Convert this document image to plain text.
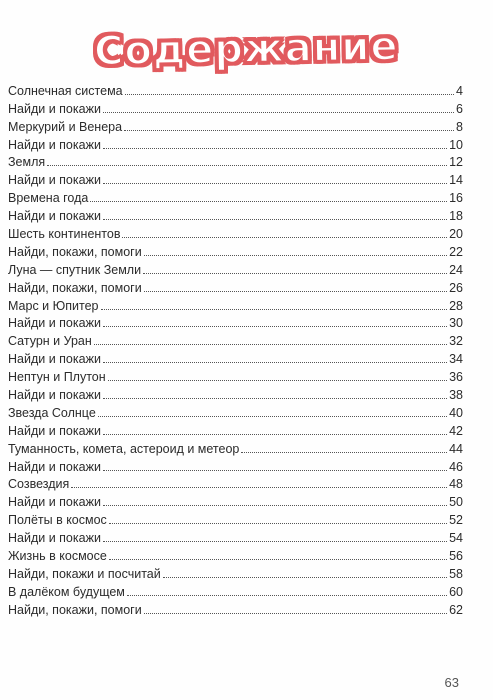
Содержание
Солнечная система	4
Найди и покажи	6
Меркурий и Венера	8
Найди и покажи	10
Земля	12
Найди и покажи	14
Времена года	16
Найди и покажи	18
Шесть континентов	20
Найди, покажи, помоги	22
Луна — спутник Земли	24
Найди, покажи, помоги	26
Марс и Юпитер	28
Найди и покажи	30
Сатурн и Уран	32
Найди и покажи	34
Нептун и Плутон	36
Найди и покажи	38
Звезда Солнце	40
Найди и покажи	42
Туманность, комета, астероид и метеор	44
Найди и покажи	46
Созвездия	48
Найди и покажи	50
Полёты в космос	52
Найди и покажи	54
Жизнь в космосе	56
Найди, покажи и посчитай	58
В далёком будущем	60
Найди, покажи, помоги	62
63
